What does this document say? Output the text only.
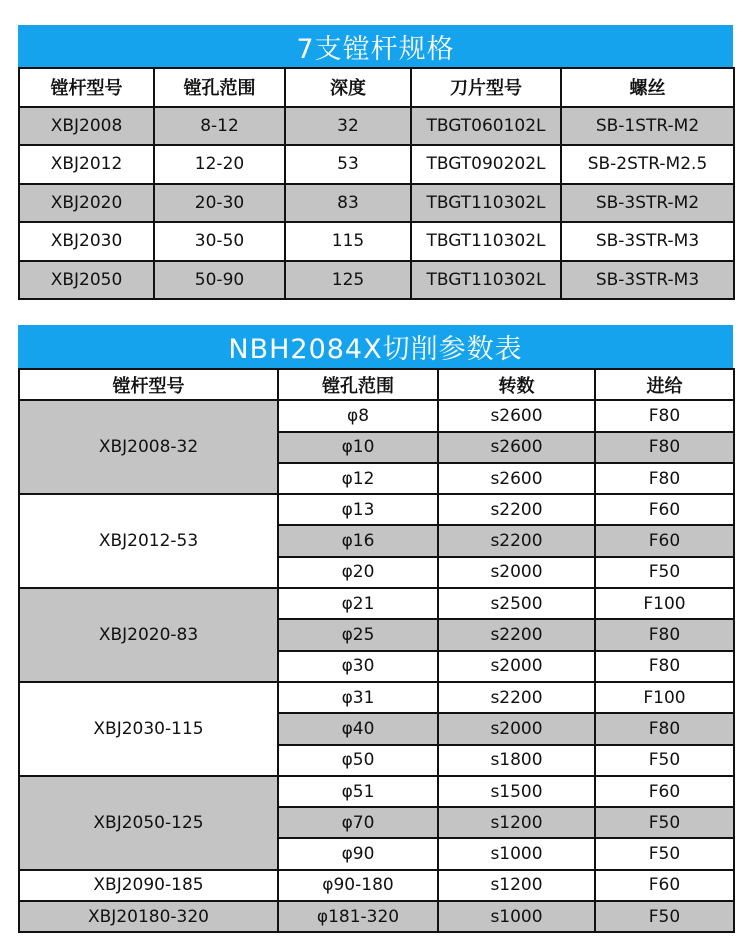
7支镗杆规格
镗杆型号	镗孔范围	深度	刀片型号	螺丝
XBJ2008	8-12	32	TBGT060102L	SB-1STR-M2
XBJ2012	12-20	53	TBGT090202L	SB-2STR-M2.5
XBJ2020	20-30	83	TBGT110302L	SB-3STR-M2
XBJ2030	30-50	115	TBGT110302L	SB-3STR-M3
XBJ2050	50-90	125	TBGT110302L	SB-3STR-M3
NBH2084X切削参数表
镗杆型号	镗孔范围	转数	进给
XBJ2008-32	φ8	s2600	F80
	φ10	s2600	F80
	φ12	s2600	F80
XBJ2012-53	φ13	s2200	F60
	φ16	s2200	F60
	φ20	s2000	F50
XBJ2020-83	φ21	s2500	F100
	φ25	s2200	F80
	φ30	s2000	F80
XBJ2030-115	φ31	s2200	F100
	φ40	s2000	F80
	φ50	s1800	F50
XBJ2050-125	φ51	s1500	F60
	φ70	s1200	F50
	φ90	s1000	F50
XBJ2090-185	φ90-180	s1200	F60
XBJ20180-320	φ181-320	s1000	F50
